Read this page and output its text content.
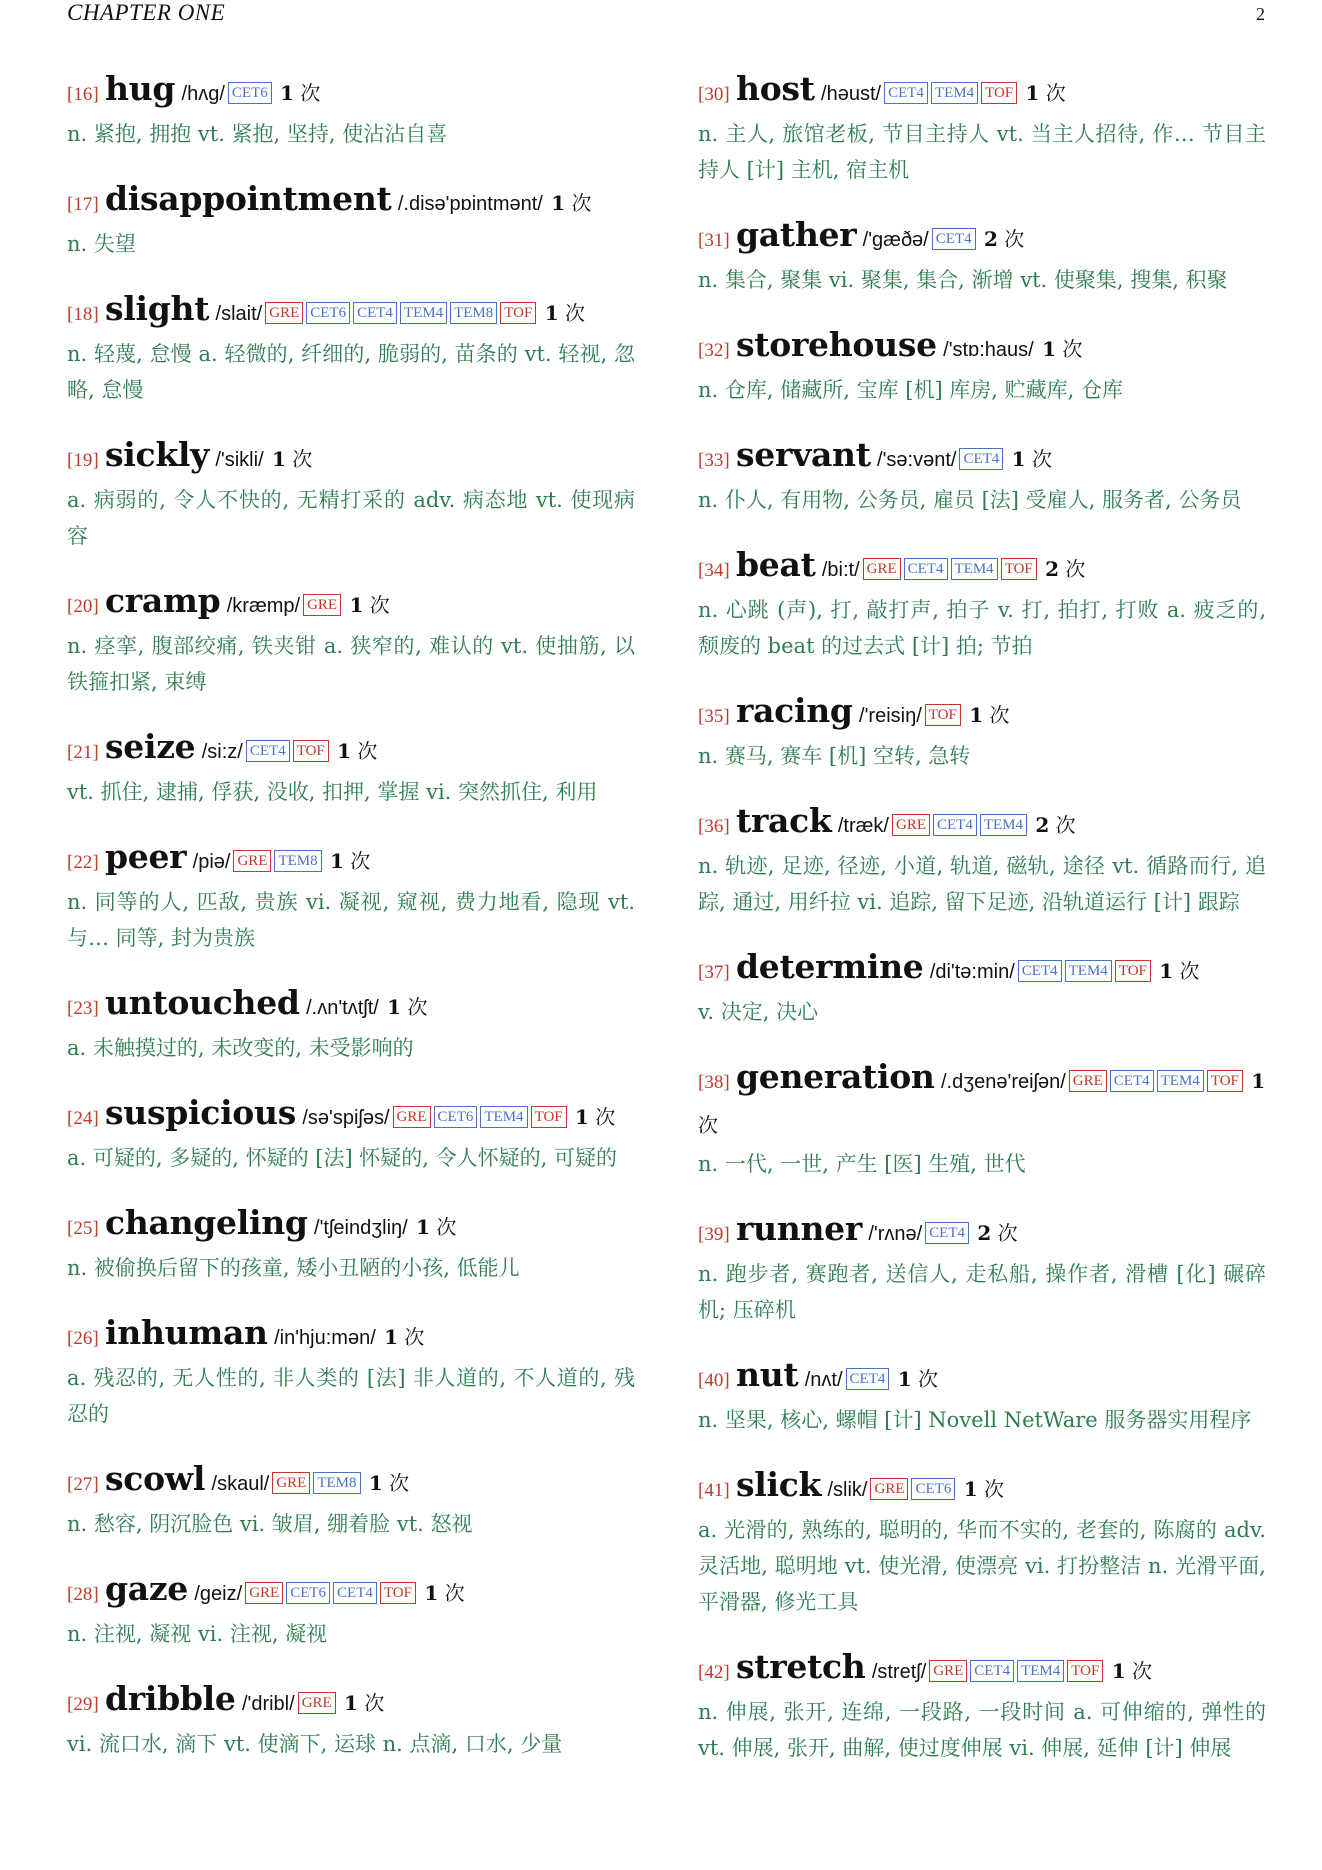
CHAPTER ONE	2
[16] hug /hʌg/ CET6 1 次
n. 紧抱, 拥抱 vt. 紧抱, 坚持, 使沾沾自喜
[17] disappointment /.disə'pɒintmənt/ 1 次
n. 失望
[18] slight /slait/ GRE CET6 CET4 TEM4 TEM8 TOF 1 次
n. 轻蔑, 怠慢 a. 轻微的, 纤细的, 脆弱的, 苗条的 vt. 轻视, 忽略, 怠慢
[19] sickly /'sikli/ 1 次
a. 病弱的, 令人不快的, 无精打采的 adv. 病态地 vt. 使现病容
[20] cramp /kræmp/ GRE 1 次
n. 痉挛, 腹部绞痛, 铁夹钳 a. 狭窄的, 难认的 vt. 使抽筋, 以铁箍扣紧, 束缚
[21] seize /si:z/ CET4 TOF 1 次
vt. 抓住, 逮捕, 俘获, 没收, 扣押, 掌握 vi. 突然抓住, 利用
[22] peer /piə/ GRE TEM8 1 次
n. 同等的人, 匹敌, 贵族 vi. 凝视, 窥视, 费力地看, 隐现 vt. 与… 同等, 封为贵族
[23] untouched /.ʌn'tʌtʃt/ 1 次
a. 未触摸过的, 未改变的, 未受影响的
[24] suspicious /sə'spiʃəs/ GRE CET6 TEM4 TOF 1 次
a. 可疑的, 多疑的, 怀疑的 [法] 怀疑的, 令人怀疑的, 可疑的
[25] changeling /'tʃeindʒliŋ/ 1 次
n. 被偷换后留下的孩童, 矮小丑陋的小孩, 低能儿
[26] inhuman /in'hju:mən/ 1 次
a. 残忍的, 无人性的, 非人类的 [法] 非人道的, 不人道的, 残忍的
[27] scowl /skaul/ GRE TEM8 1 次
n. 愁容, 阴沉脸色 vi. 皱眉, 绷着脸 vt. 怒视
[28] gaze /geiz/ GRE CET6 CET4 TOF 1 次
n. 注视, 凝视 vi. 注视, 凝视
[29] dribble /'dribl/ GRE 1 次
vi. 流口水, 滴下 vt. 使滴下, 运球 n. 点滴, 口水, 少量
[30] host /həust/ CET4 TEM4 TOF 1 次
n. 主人, 旅馆老板, 节目主持人 vt. 当主人招待, 作… 节目主持人 [计] 主机, 宿主机
[31] gather /'gæðə/ CET4 2 次
n. 集合, 聚集 vi. 聚集, 集合, 渐增 vt. 使聚集, 搜集, 积聚
[32] storehouse /'stɒ:haus/ 1 次
n. 仓库, 储藏所, 宝库 [机] 库房, 贮藏库, 仓库
[33] servant /'sə:vənt/ CET4 1 次
n. 仆人, 有用物, 公务员, 雇员 [法] 受雇人, 服务者, 公务员
[34] beat /bi:t/ GRE CET4 TEM4 TOF 2 次
n. 心跳 (声), 打, 敲打声, 拍子 v. 打, 拍打, 打败 a. 疲乏的, 颓废的 beat 的过去式 [计] 拍; 节拍
[35] racing /'reisiŋ/ TOF 1 次
n. 赛马, 赛车 [机] 空转, 急转
[36] track /træk/ GRE CET4 TEM4 2 次
n. 轨迹, 足迹, 径迹, 小道, 轨道, 磁轨, 途径 vt. 循路而行, 追踪, 通过, 用纤拉 vi. 追踪, 留下足迹, 沿轨道运行 [计] 跟踪
[37] determine /di'tə:min/ CET4 TEM4 TOF 1 次
v. 决定, 决心
[38] generation /.dʒenə'reiʃən/ GRE CET4 TEM4 TOF 1 次
n. 一代, 一世, 产生 [医] 生殖, 世代
[39] runner /'rʌnə/ CET4 2 次
n. 跑步者, 赛跑者, 送信人, 走私船, 操作者, 滑槽 [化] 碾碎机; 压碎机
[40] nut /nʌt/ CET4 1 次
n. 坚果, 核心, 螺帽 [计] Novell NetWare 服务器实用程序
[41] slick /slik/ GRE CET6 1 次
a. 光滑的, 熟练的, 聪明的, 华而不实的, 老套的, 陈腐的 adv. 灵活地, 聪明地 vt. 使光滑, 使漂亮 vi. 打扮整洁 n. 光滑平面, 平滑器, 修光工具
[42] stretch /stretʃ/ GRE CET4 TEM4 TOF 1 次
n. 伸展, 张开, 连绵, 一段路, 一段时间 a. 可伸缩的, 弹性的 vt. 伸展, 张开, 曲解, 使过度伸展 vi. 伸展, 延伸 [计] 伸展
